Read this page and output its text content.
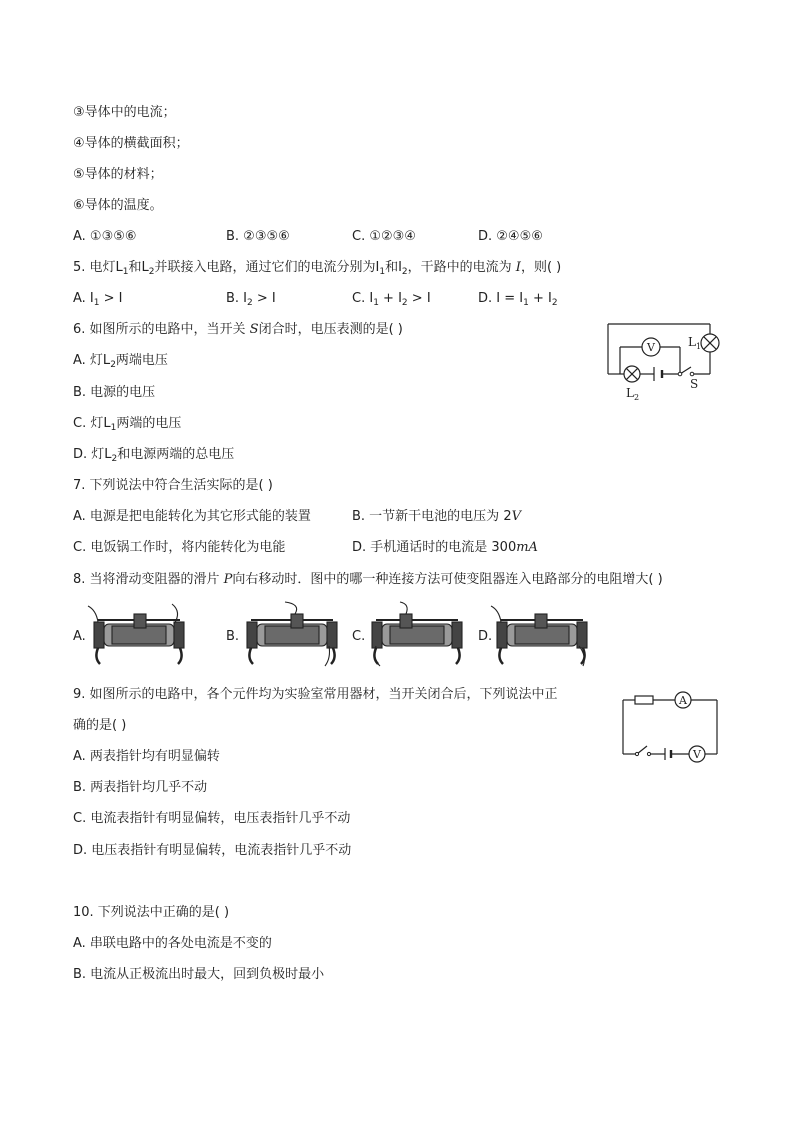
③导体中的电流；
④导体的横截面积；
⑤导体的材料；
⑥导体的温度。
A. ①③⑤⑥	B. ②③⑤⑥	C. ①②③④	D. ②④⑤⑥
5. 电灯$L_1$和$L_2$并联接入电路，通过它们的电流分别为$I_1$和$I_2$，干路中的电流为 I，则( )
A. $I_1 > I$	B. $I_2 > I$	C. $I_1 + I_2 > I$	D. $I = I_1 + I_2$
6. 如图所示的电路中，当开关 S闭合时，电压表测的是( )
A. 灯$L_2$两端电压
B. 电源的电压
C. 灯$L_1$两端的电压
D. 灯$L_2$和电源两端的总电压
V	$L_1$
$L_2$
S
7. 下列说法中符合生活实际的是( )
A. 电源是把电能转化为其它形式能的装置	B. 一节新干电池的电压为 2V
C. 电饭锅工作时，将内能转化为电能	D. 手机通话时的电流是 300mA
8. 当将滑动变阻器的滑片 P向右移动时．图中的哪一种连接方法可使变阻器连入电路部分的电阻增大( )
A.	B.	C.	D.
9. 如图所示的电路中，各个元件均为实验室常用器材，当开关闭合后，下列说法中正
确的是( )
A. 两表指针均有明显偏转
B. 两表指针均几乎不动
C. 电流表指针有明显偏转，电压表指针几乎不动
D. 电压表指针有明显偏转，电流表指针几乎不动
A
V
10. 下列说法中正确的是( )
A. 串联电路中的各处电流是不变的
B. 电流从正极流出时最大，回到负极时最小
